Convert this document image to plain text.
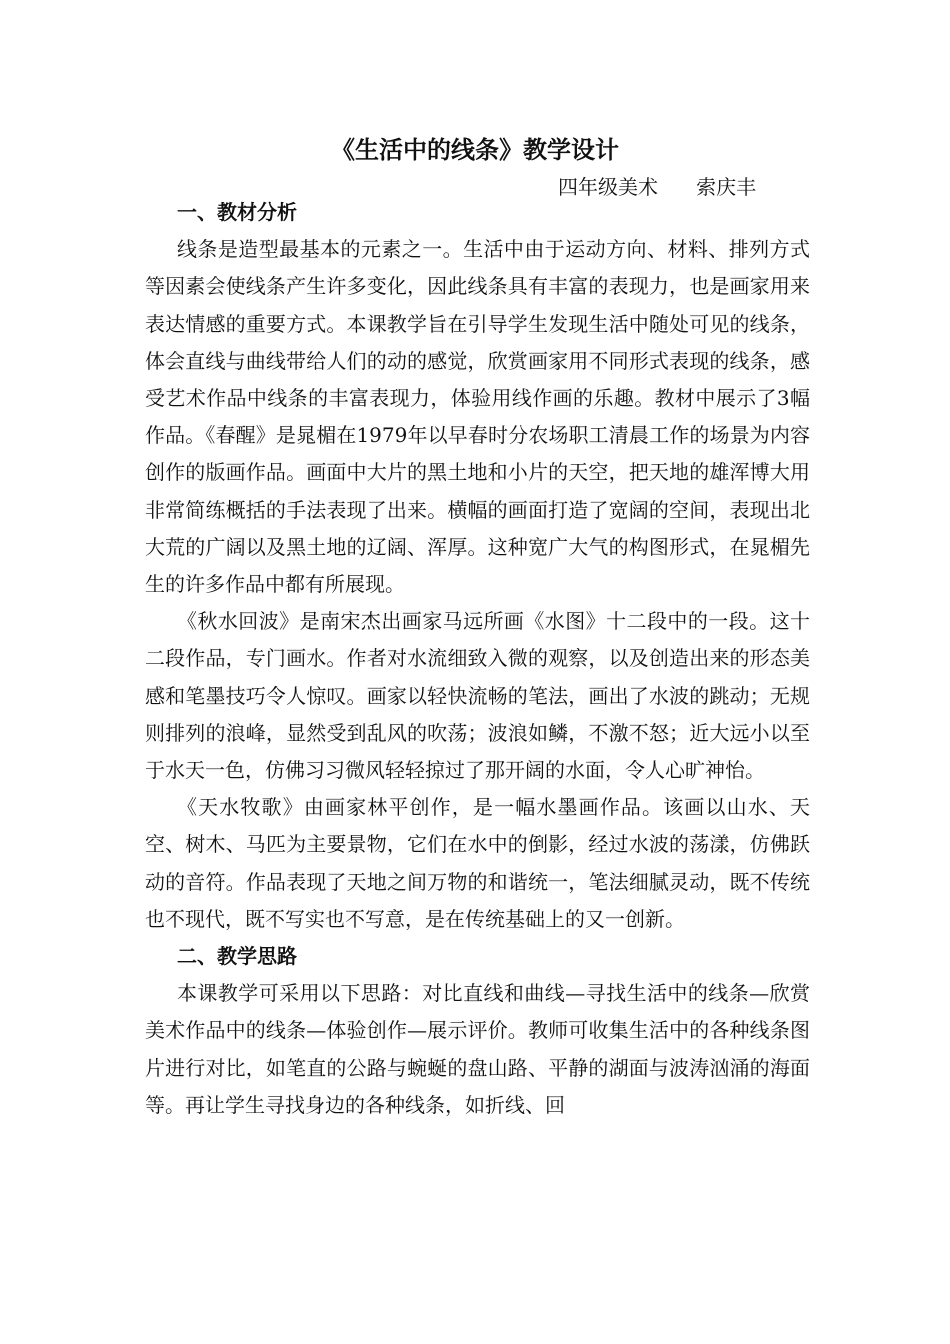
《生活中的线条》教学设计
四年级美术      索庆丰

一、教材分析

线条是造型最基本的元素之一。生活中由于运动方向、材料、排列方式等因素会使线条产生许多变化，因此线条具有丰富的表现力，也是画家用来表达情感的重要方式。本课教学旨在引导学生发现生活中随处可见的线条，体会直线与曲线带给人们的动的感觉，欣赏画家用不同形式表现的线条，感受艺术作品中线条的丰富表现力，体验用线作画的乐趣。教材中展示了3幅作品。《春醒》是晁楣在1979年以早春时分农场职工清晨工作的场景为内容创作的版画作品。画面中大片的黑土地和小片的天空，把天地的雄浑博大用非常简练概括的手法表现了出来。横幅的画面打造了宽阔的空间，表现出北大荒的广阔以及黑土地的辽阔、浑厚。这种宽广大气的构图形式，在晁楣先生的许多作品中都有所展现。

《秋水回波》是南宋杰出画家马远所画《水图》十二段中的一段。这十二段作品，专门画水。作者对水流细致入微的观察，以及创造出来的形态美感和笔墨技巧令人惊叹。画家以轻快流畅的笔法，画出了水波的跳动；无规则排列的浪峰，显然受到乱风的吹荡；波浪如鳞，不激不怒；近大远小以至于水天一色，仿佛习习微风轻轻掠过了那开阔的水面，令人心旷神怡。

《天水牧歌》由画家林平创作，是一幅水墨画作品。该画以山水、天空、树木、马匹为主要景物，它们在水中的倒影，经过水波的荡漾，仿佛跃动的音符。作品表现了天地之间万物的和谐统一，笔法细腻灵动，既不传统也不现代，既不写实也不写意，是在传统基础上的又一创新。

二、教学思路

本课教学可采用以下思路：对比直线和曲线—寻找生活中的线条—欣赏美术作品中的线条—体验创作—展示评价。教师可收集生活中的各种线条图片进行对比，如笔直的公路与蜿蜒的盘山路、平静的湖面与波涛汹涌的海面等。再让学生寻找身边的各种线条，如折线、回
